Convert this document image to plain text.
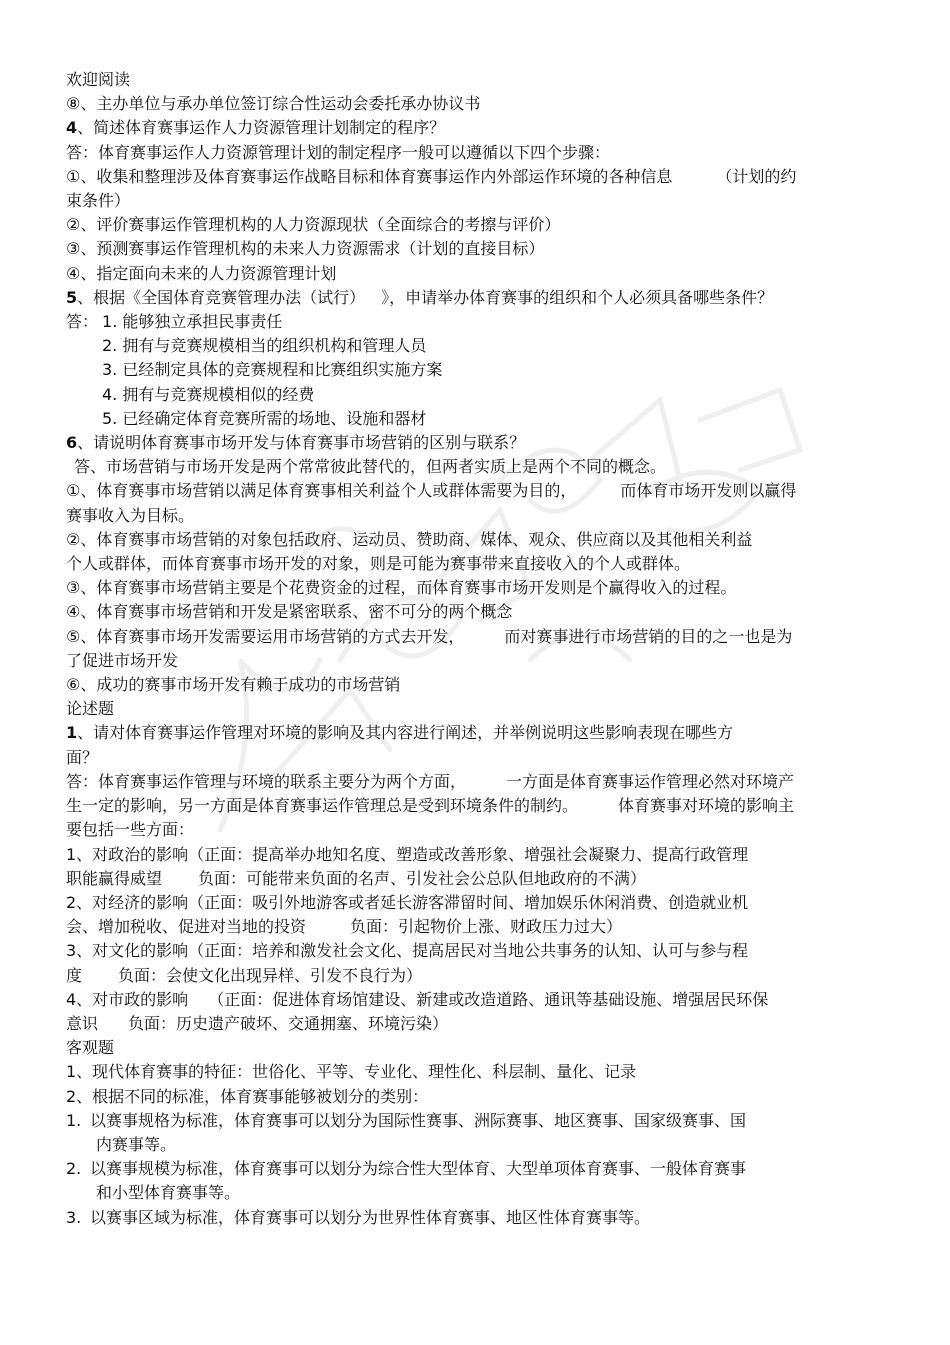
欢迎阅读

⑧、主办单位与承办单位签订综合性运动会委托承办协议书

4、简述体育赛事运作人力资源管理计划制定的程序？

答：体育赛事运作人力资源管理计划的制定程序一般可以遵循以下四个步骤：

①、收集和整理涉及体育赛事运作战略目标和体育赛事运作内外部运作环境的各种信息	（计划的约

束条件）

②、评价赛事运作管理机构的人力资源现状（全面综合的考擦与评价）

③、预测赛事运作管理机构的未来人力资源需求（计划的直接目标）

④、指定面向未来的人力资源管理计划

5、根据《全国体育竞赛管理办法（试行） 》，申请举办体育赛事的组织和个人必须具备哪些条件？

答： 1. 能够独立承担民事责任

2. 拥有与竞赛规模相当的组织机构和管理人员

3. 已经制定具体的竞赛规程和比赛组织实施方案

4. 拥有与竞赛规模相似的经费

5. 已经确定体育竞赛所需的场地、设施和器材

6、请说明体育赛事市场开发与体育赛事市场营销的区别与联系？

答、市场营销与市场开发是两个常常彼此替代的，但两者实质上是两个不同的概念。

①、体育赛事市场营销以满足体育赛事相关利益个人或群体需要为目的，	而体育市场开发则以赢得

赛事收入为目标。

②、体育赛事市场营销的对象包括政府、运动员、赞助商、媒体、观众、供应商以及其他相关利益

个人或群体，而体育赛事市场开发的对象，则是可能为赛事带来直接收入的个人或群体。

③、体育赛事市场营销主要是个花费资金的过程，而体育赛事市场开发则是个赢得收入的过程。

④、体育赛事市场营销和开发是紧密联系、密不可分的两个概念

⑤、体育赛事市场开发需要运用市场营销的方式去开发，	而对赛事进行市场营销的目的之一也是为

了促进市场开发

⑥、成功的赛事市场开发有赖于成功的市场营销

论述题

1、请对体育赛事运作管理对环境的影响及其内容进行阐述，并举例说明这些影响表现在哪些方

面？

答：体育赛事运作管理与环境的联系主要分为两个方面，	一方面是体育赛事运作管理必然对环境产

生一定的影响，另一方面是体育赛事运作管理总是受到环境条件的制约。	体育赛事对环境的影响主

要包括一些方面：

1、对政治的影响（正面：提高举办地知名度、塑造或改善形象、增强社会凝聚力、提高行政管理

职能赢得威望 负面：可能带来负面的名声、引发社会公总队但地政府的不满）

2、对经济的影响（正面：吸引外地游客或者延长游客滞留时间、增加娱乐休闲消费、创造就业机

会、增加税收、促进对当地的投资	负面：引起物价上涨、财政压力过大）

3、对文化的影响（正面：培养和激发社会文化、提高居民对当地公共事务的认知、认可与参与程

度 负面：会使文化出现异样、引发不良行为）

4、对市政的影响 （正面：促进体育场馆建设、新建或改造道路、通讯等基础设施、增强居民环保

意识 负面：历史遗产破坏、交通拥塞、环境污染）

客观题

1、现代体育赛事的特征：世俗化、平等、专业化、理性化、科层制、量化、记录

2、根据不同的标准，体育赛事能够被划分的类别：

1. 以赛事规格为标准，体育赛事可以划分为国际性赛事、洲际赛事、地区赛事、国家级赛事、国

内赛事等。

2. 以赛事规模为标准，体育赛事可以划分为综合性大型体育、大型单项体育赛事、一般体育赛事

和小型体育赛事等。

3. 以赛事区域为标准，体育赛事可以划分为世界性体育赛事、地区性体育赛事等。
